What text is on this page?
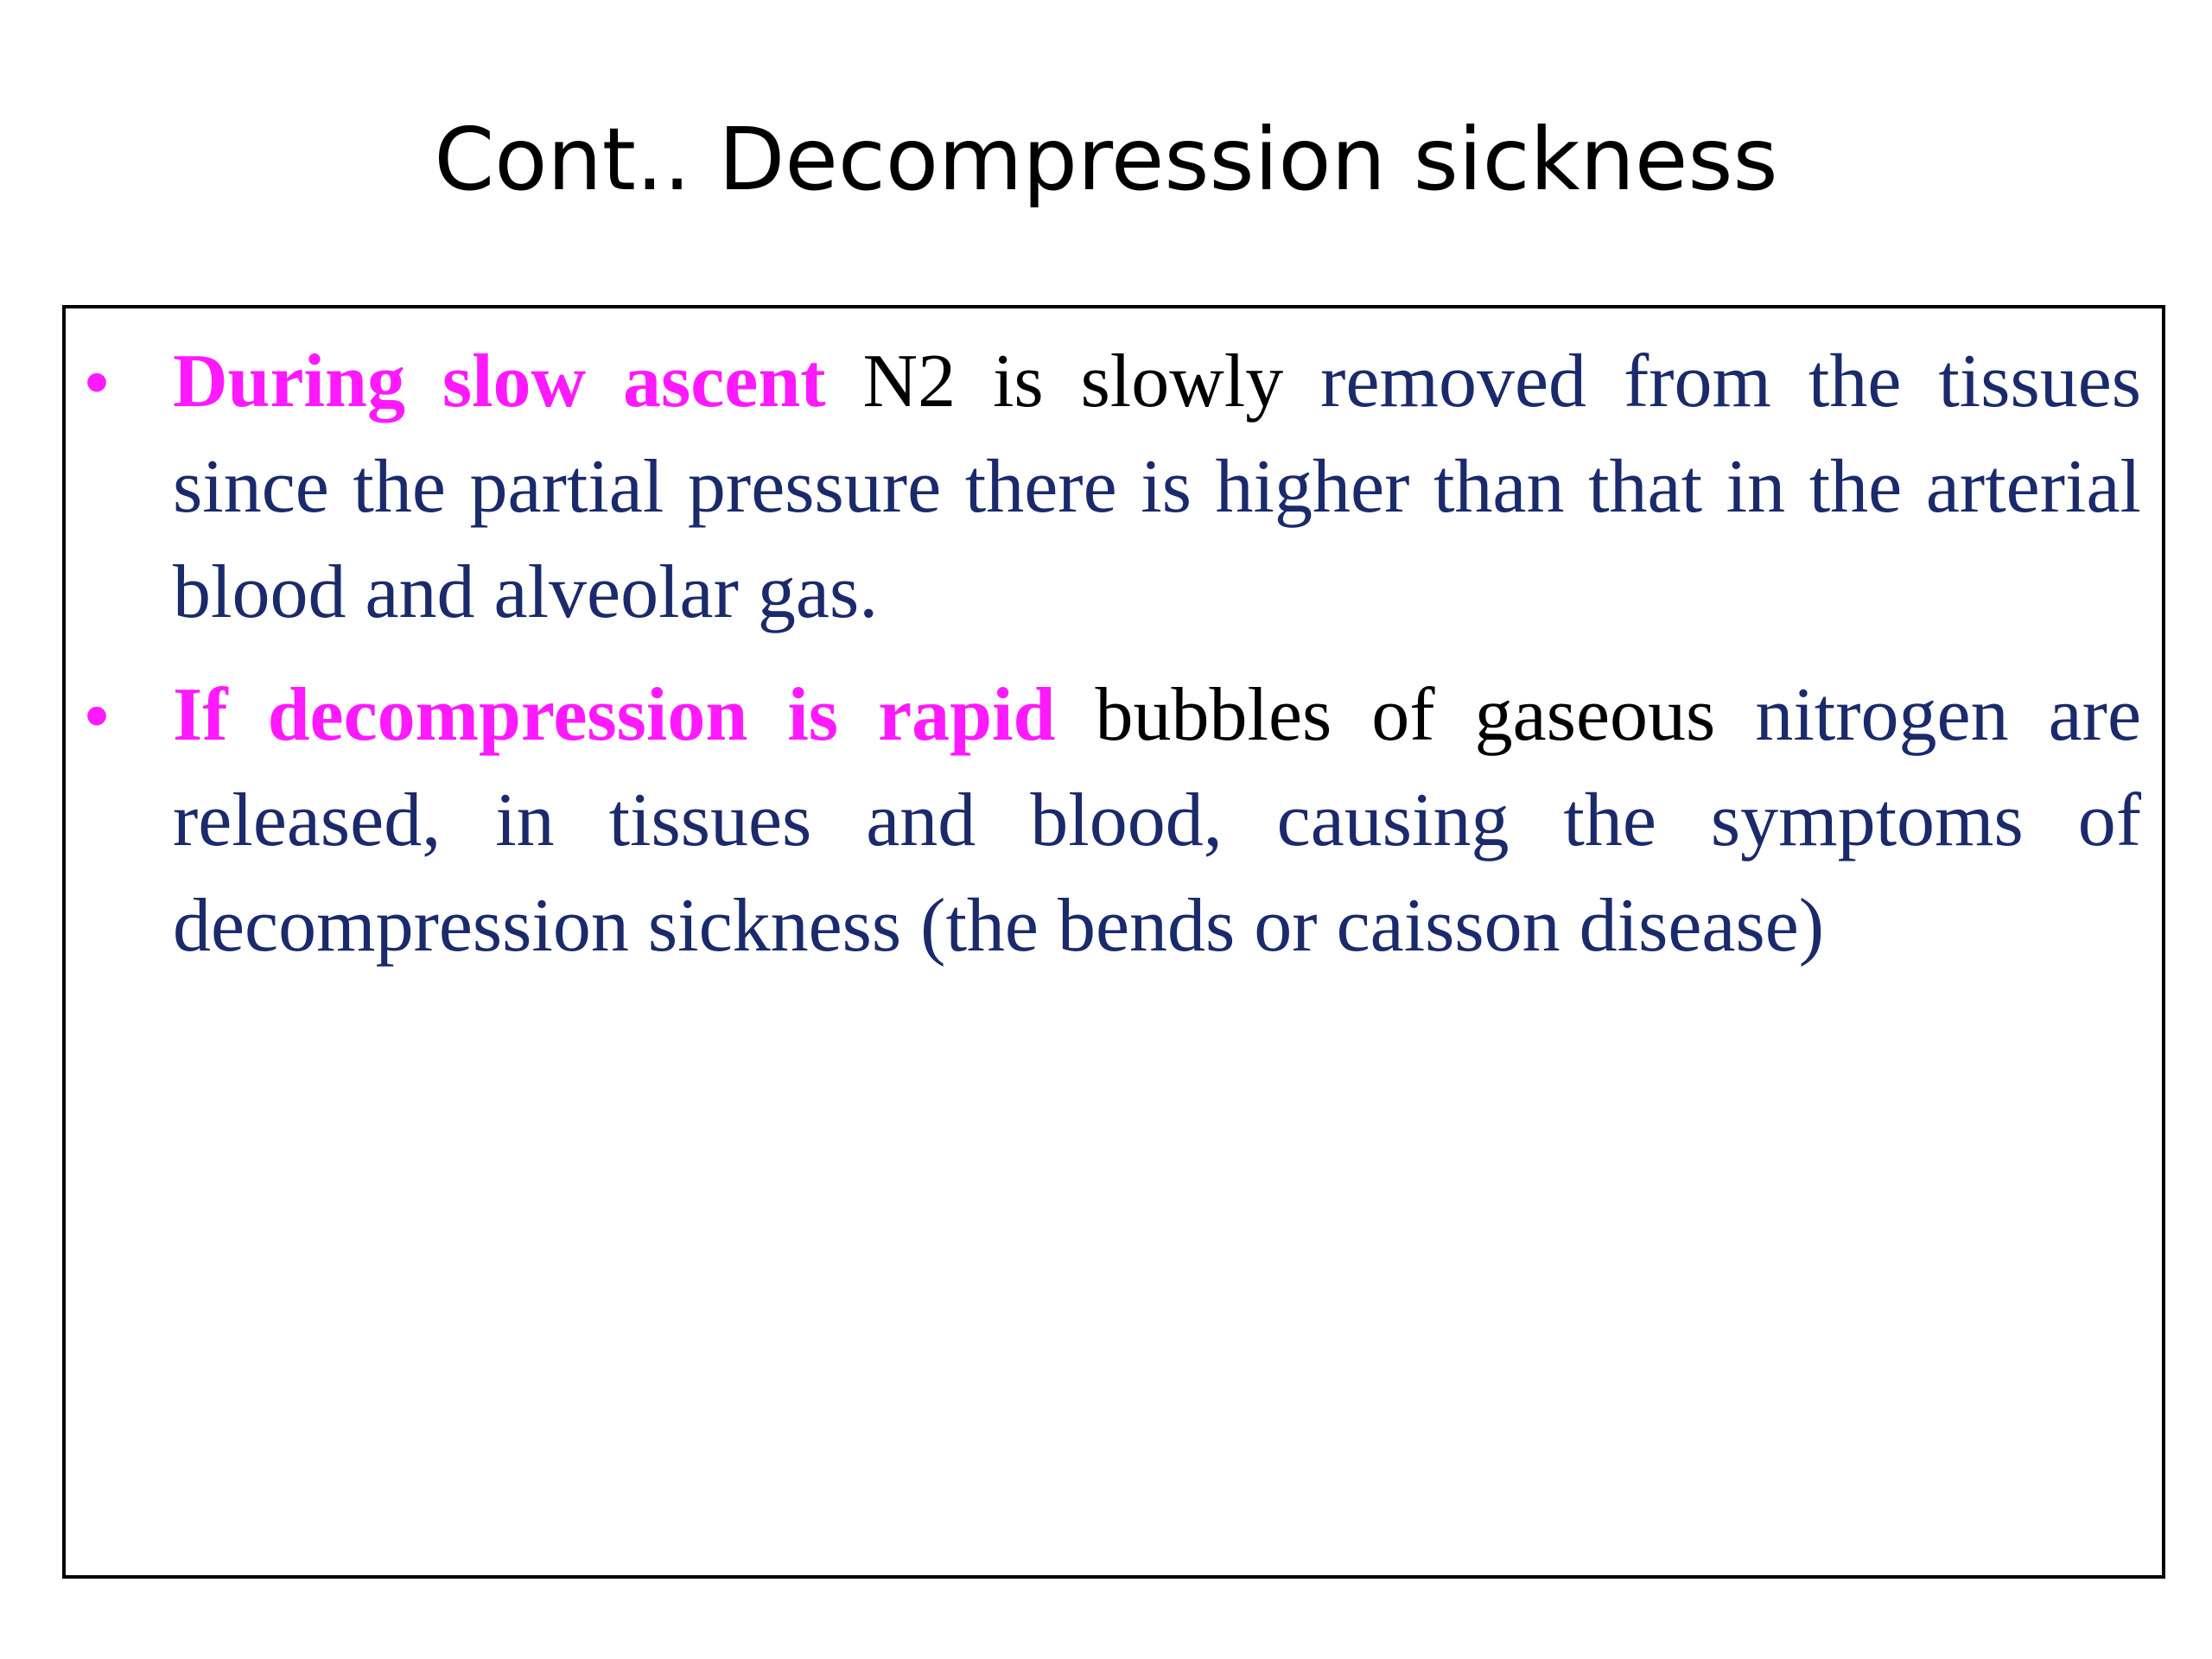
Cont.. Decompression sickness
• During slow ascent N2 is slowly removed from the tissues since the partial pressure there is higher than that in the arterial blood and alveolar gas.
• If decompression is rapid bubbles of gaseous nitrogen are released, in tissues and blood, causing the symptoms of decompression sickness (the bends or caisson disease)
